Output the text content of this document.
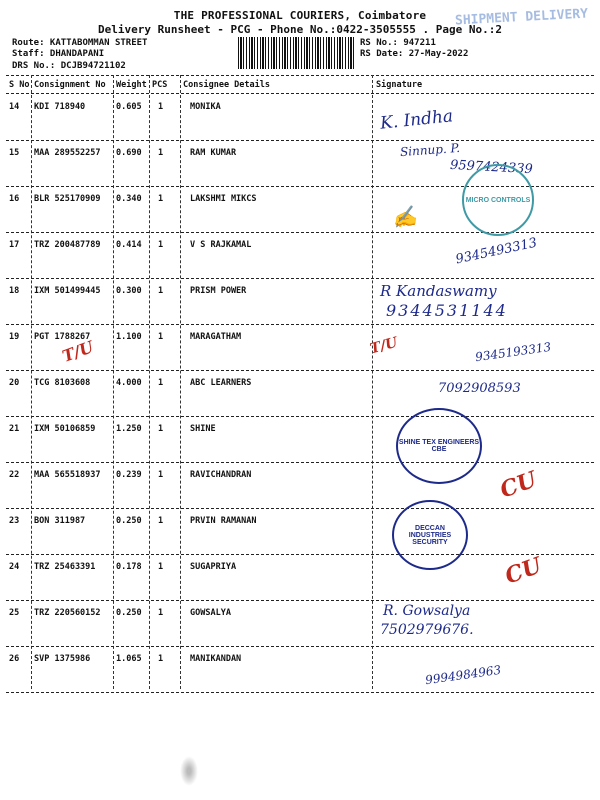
THE PROFESSIONAL COURIERS, Coimbatore
Delivery Runsheet - PCG - Phone No.:0422-3505555 . Page No.:2
SHIPMENT DELIVERY
Route: KATTABOMMAN STREET
Staff: DHANDAPANI
DRS No.: DCJB94721102
RS No.: 947211
RS Date: 27-May-2022
S No Consignment No Weight PCS Consignee Details	Signature
14 KDI 718940	0.605 1	MONIKA
15 MAA 289552257 0.690 1	RAM KUMAR
16 BLR 525170909 0.340 1	LAKSHMI MIKCS
17 TRZ 200487789 0.414 1	V S RAJKAMAL
18 IXM 501499445 0.300 1	PRISM POWER
19 PGT 1788267	1.100 1	MARAGATHAM
20 TCG 8103608	4.000 1	ABC LEARNERS
21 IXM 50106859 1.250 1	SHINE
22 MAA 565518937 0.239 1	RAVICHANDRAN
23 BON 311987	0.250 1	PRVIN RAMANAN
24 TRZ 25463391 0.178 1	SUGAPRIYA
25 TRZ 220560152 0.250 1	GOWSALYA
26 SVP 1375986	1.065 1	MANIKANDAN
K. Indha
Sinnup. P.
9597424339
✍
9345493313
R Kandaswamy
9344531144
9345193313
7092908593
R. Gowsalya
7502979676.
9994984963
MICRO CONTROLS
SHINE TEX ENGINEERS CBE
DECCAN INDUSTRIES SECURITY
T/U	T/U
CU
CU
